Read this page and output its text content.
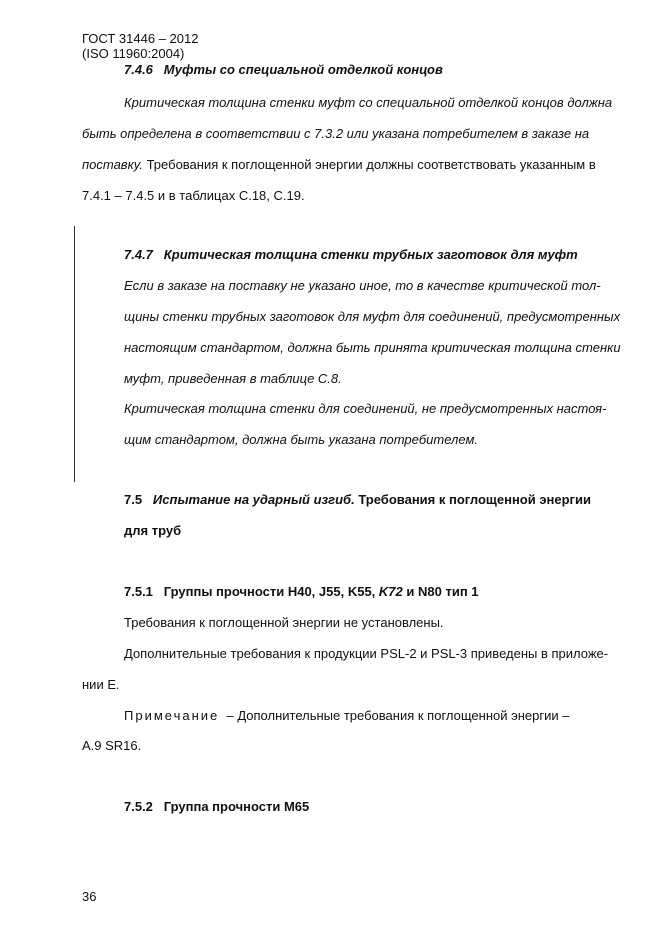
ГОСТ 31446 – 2012
(ISO 11960:2004)
7.4.6 Муфты со специальной отделкой концов
Критическая толщина стенки муфт со специальной отделкой концов должна
быть определена в соответствии с 7.3.2 или указана потребителем в заказе на
поставку. Требования к поглощенной энергии должны соответствовать указанным в
7.4.1 – 7.4.5 и в таблицах С.18, С.19.
7.4.7 Критическая толщина стенки трубных заготовок для муфт
Если в заказе на поставку не указано иное, то в качестве критической тол-
щины стенки трубных заготовок для муфт для соединений, предусмотренных
настоящим стандартом, должна быть принята критическая толщина стенки
муфт, приведенная в таблице С.8.
Критическая толщина стенки для соединений, не предусмотренных настоя-
щим стандартом, должна быть указана потребителем.
7.5 Испытание на ударный изгиб. Требования к поглощенной энергии
для труб
7.5.1 Группы прочности Н40, J55, K55, K72 и N80 тип 1
Требования к поглощенной энергии не установлены.
Дополнительные требования к продукции PSL-2 и PSL-3 приведены в приложе-
нии Е.
Примечание – Дополнительные требования к поглощенной энергии –
А.9 SR16.
7.5.2 Группа прочности М65
36
